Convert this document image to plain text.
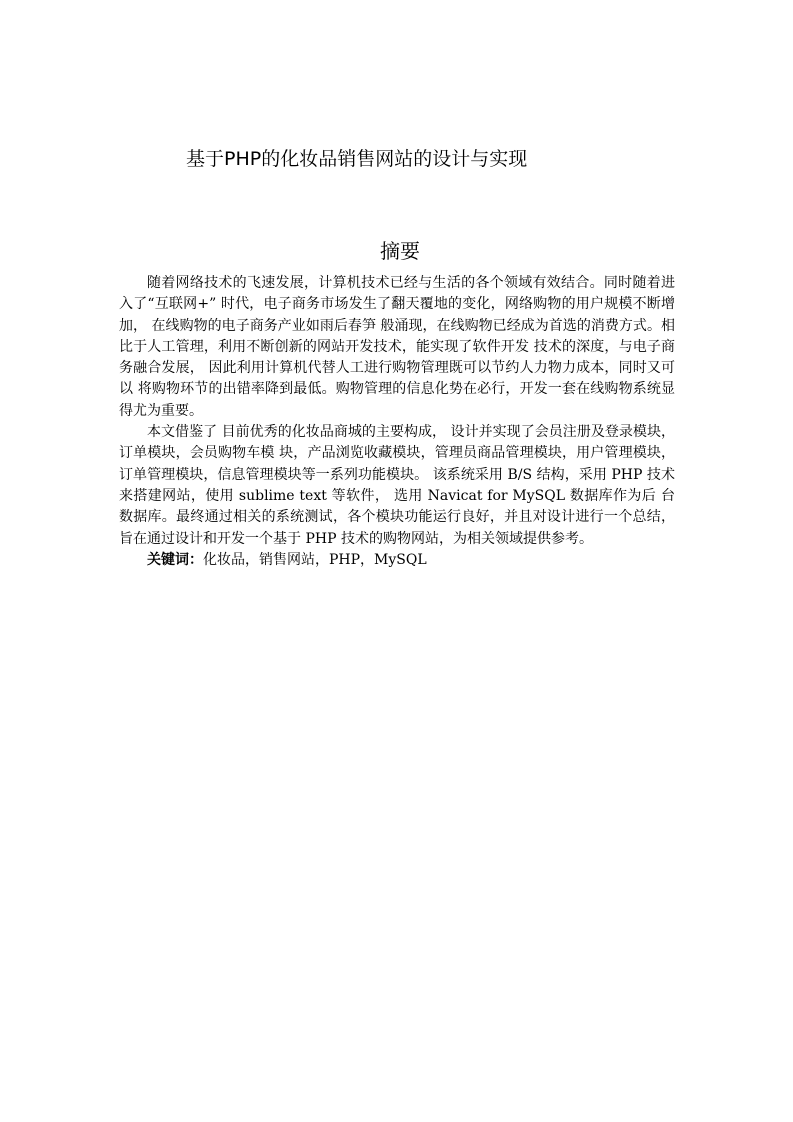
基于PHP的化妆品销售网站的设计与实现
摘要

随着网络技术的飞速发展，计算机技术已经与生活的各个领域有效结合。同时随着进入了“互联网+” 时代，电子商务市场发生了翻天覆地的变化，网络购物的用户规模不断增加， 在线购物的电子商务产业如雨后春笋 般涌现，在线购物已经成为首选的消费方式。相比于人工管理，利用不断创新的网站开发技术，能实现了软件开发 技术的深度，与电子商务融合发展， 因此利用计算机代替人工进行购物管理既可以节约人力物力成本，同时又可以 将购物环节的出错率降到最低。购物管理的信息化势在必行，开发一套在线购物系统显得尤为重要。

本文借鉴了 目前优秀的化妆品商城的主要构成， 设计并实现了会员注册及登录模块，订单模块，会员购物车模 块，产品浏览收藏模块，管理员商品管理模块，用户管理模块，订单管理模块，信息管理模块等一系列功能模块。 该系统采用 B/S 结构，采用 PHP 技术来搭建网站，使用 sublime text 等软件， 选用 Navicat for MySQL 数据库作为后 台数据库。最终通过相关的系统测试，各个模块功能运行良好，并且对设计进行一个总结，旨在通过设计和开发一个基于 PHP 技术的购物网站，为相关领域提供参考。

关键词：化妆品，销售网站，PHP，MySQL
